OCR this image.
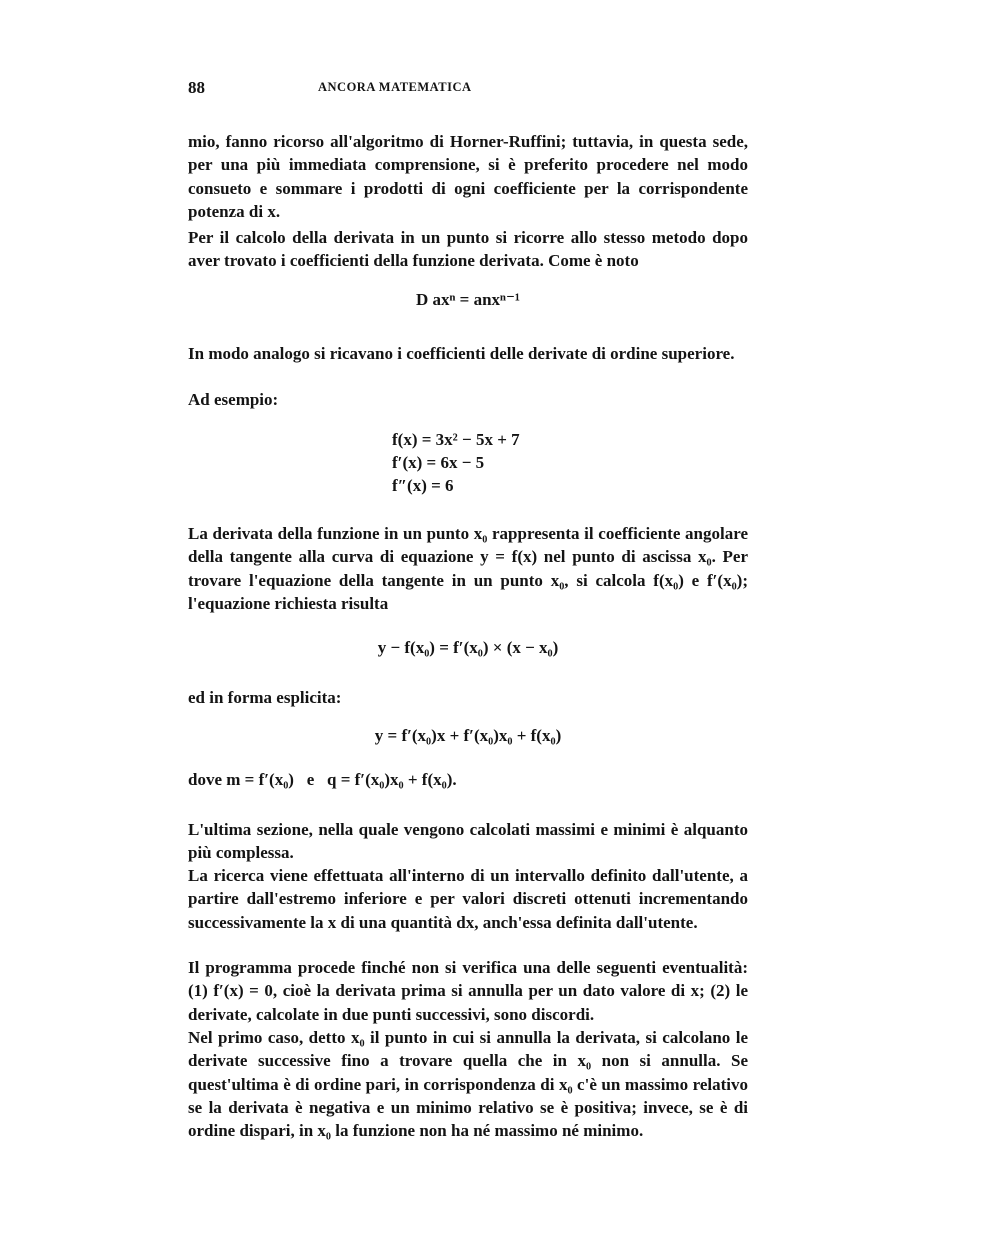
88	ANCORA MATEMATICA

mio, fanno ricorso all'algoritmo di Horner-Ruffini; tuttavia, in questa sede, per una più immediata comprensione, si è preferito procedere nel modo consueto e sommare i prodotti di ogni coefficiente per la corrispondente potenza di x.

Per il calcolo della derivata in un punto si ricorre allo stesso metodo dopo aver trovato i coefficienti della funzione derivata. Come è noto

D axⁿ = anxⁿ⁻¹

In modo analogo si ricavano i coefficienti delle derivate di ordine superiore.

Ad esempio:

f(x) = 3x² − 5x + 7
f′(x) = 6x − 5
f″(x) = 6

La derivata della funzione in un punto x₀ rappresenta il coefficiente angolare della tangente alla curva di equazione y = f(x) nel punto di ascissa x₀. Per trovare l'equazione della tangente in un punto x₀, si calcola f(x₀) e f′(x₀); l'equazione richiesta risulta

y − f(x₀) = f′(x₀) × (x − x₀)

ed in forma esplicita:

y = f′(x₀)x + f′(x₀)x₀ + f(x₀)
dove m = f′(x₀)   e   q = f′(x₀)x₀ + f(x₀).

L'ultima sezione, nella quale vengono calcolati massimi e minimi è alquanto più complessa.

La ricerca viene effettuata all'interno di un intervallo definito dall'utente, a partire dall'estremo inferiore e per valori discreti ottenuti incrementando successivamente la x di una quantità dx, anch'essa definita dall'utente.

Il programma procede finché non si verifica una delle seguenti eventualità: (1) f′(x) = 0, cioè la derivata prima si annulla per un dato valore di x; (2) le derivate, calcolate in due punti successivi, sono discordi.

Nel primo caso, detto x₀ il punto in cui si annulla la derivata, si calcolano le derivate successive fino a trovare quella che in x₀ non si annulla. Se quest'ultima è di ordine pari, in corrispondenza di x₀ c'è un massimo relativo se la derivata è negativa e un minimo relativo se è positiva; invece, se è di ordine dispari, in x₀ la funzione non ha né massimo né minimo.
